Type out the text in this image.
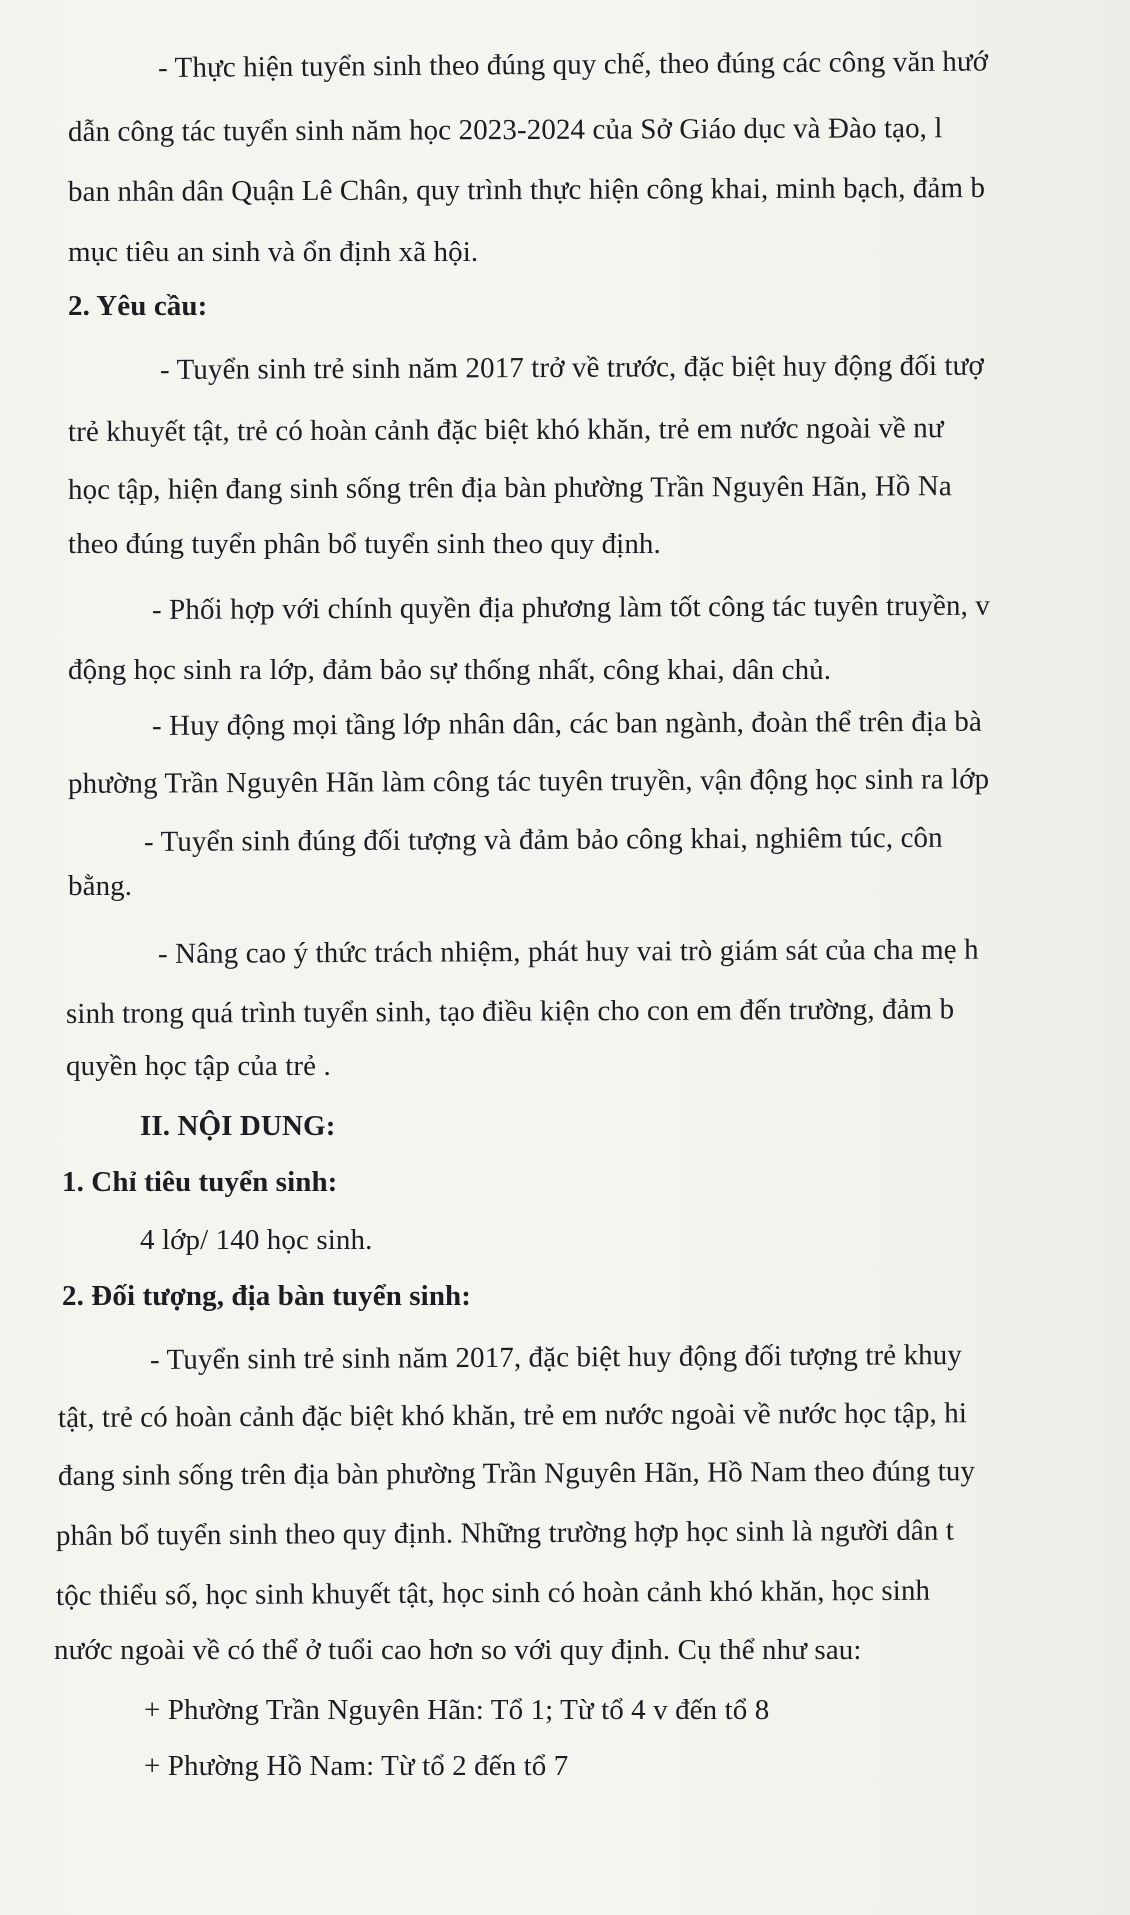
- Thực hiện tuyển sinh theo đúng quy chế, theo đúng các công văn hướ
dẫn công tác tuyển sinh năm học 2023-2024 của Sở Giáo dục và Đào tạo, l
ban nhân dân Quận Lê Chân, quy trình thực hiện công khai, minh bạch, đảm b
mục tiêu an sinh và ổn định xã hội.
2. Yêu cầu:
- Tuyển sinh trẻ sinh năm 2017 trở về trước, đặc biệt huy động đối tượ
trẻ khuyết tật, trẻ có hoàn cảnh đặc biệt khó khăn, trẻ em nước ngoài về nư
học tập, hiện đang sinh sống trên địa bàn phường Trần Nguyên Hãn, Hồ Na
theo đúng tuyển phân bổ tuyển sinh theo quy định.
- Phối hợp với chính quyền địa phương làm tốt công tác tuyên truyền, v
động học sinh ra lớp, đảm bảo sự thống nhất, công khai, dân chủ.
- Huy động mọi tầng lớp nhân dân, các ban ngành, đoàn thể trên địa bà
phường Trần Nguyên Hãn làm công tác tuyên truyền, vận động học sinh ra lớp
- Tuyển sinh đúng đối tượng và đảm bảo công khai, nghiêm túc, côn
bằng.
- Nâng cao ý thức trách nhiệm, phát huy vai trò giám sát của cha mẹ h
sinh trong quá trình tuyển sinh, tạo điều kiện cho con em đến trường, đảm b
quyền học tập của trẻ .
II. NỘI DUNG:
1. Chỉ tiêu tuyển sinh:
4 lớp/ 140 học sinh.
2. Đối tượng, địa bàn tuyển sinh:
- Tuyển sinh trẻ sinh năm 2017, đặc biệt huy động đối tượng trẻ khuy
tật, trẻ có hoàn cảnh đặc biệt khó khăn, trẻ em nước ngoài về nước học tập, hi
đang sinh sống trên địa bàn phường Trần Nguyên Hãn, Hồ Nam theo đúng tuy
phân bổ tuyển sinh theo quy định. Những trường hợp học sinh là người dân t
tộc thiểu số, học sinh khuyết tật, học sinh có hoàn cảnh khó khăn, học sinh
nước ngoài về có thể ở tuổi cao hơn so với quy định. Cụ thể như sau:
+ Phường Trần Nguyên Hãn: Tổ 1; Từ tổ 4 v đến tổ 8
+ Phường Hồ Nam: Từ tổ 2 đến tổ 7
